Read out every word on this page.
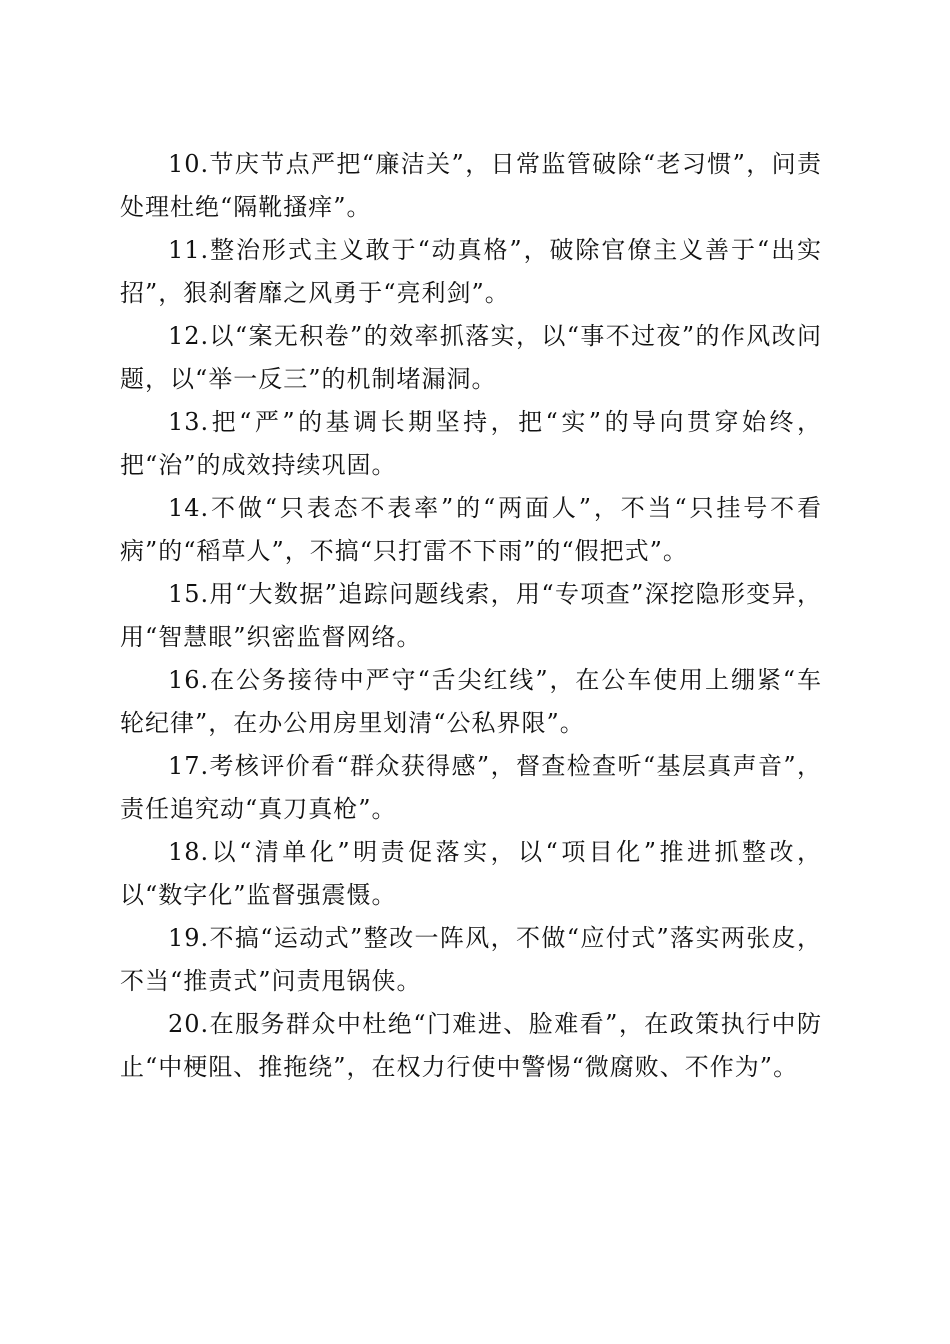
10.节庆节点严把“廉洁关”，日常监管破除“老习惯”，问责处理杜绝“隔靴搔痒”。

11.整治形式主义敢于“动真格”，破除官僚主义善于“出实招”，狠刹奢靡之风勇于“亮利剑”。

12.以“案无积卷”的效率抓落实，以“事不过夜”的作风改问题，以“举一反三”的机制堵漏洞。

13.把“严”的基调长期坚持，把“实”的导向贯穿始终，把“治”的成效持续巩固。

14.不做“只表态不表率”的“两面人”，不当“只挂号不看病”的“稻草人”，不搞“只打雷不下雨”的“假把式”。

15.用“大数据”追踪问题线索，用“专项查”深挖隐形变异，用“智慧眼”织密监督网络。

16.在公务接待中严守“舌尖红线”，在公车使用上绷紧“车轮纪律”，在办公用房里划清“公私界限”。

17.考核评价看“群众获得感”，督查检查听“基层真声音”，责任追究动“真刀真枪”。

18.以“清单化”明责促落实，以“项目化”推进抓整改，以“数字化”监督强震慑。

19.不搞“运动式”整改一阵风，不做“应付式”落实两张皮，不当“推责式”问责甩锅侠。

20.在服务群众中杜绝“门难进、脸难看”，在政策执行中防止“中梗阻、推拖绕”，在权力行使中警惕“微腐败、不作为”。
